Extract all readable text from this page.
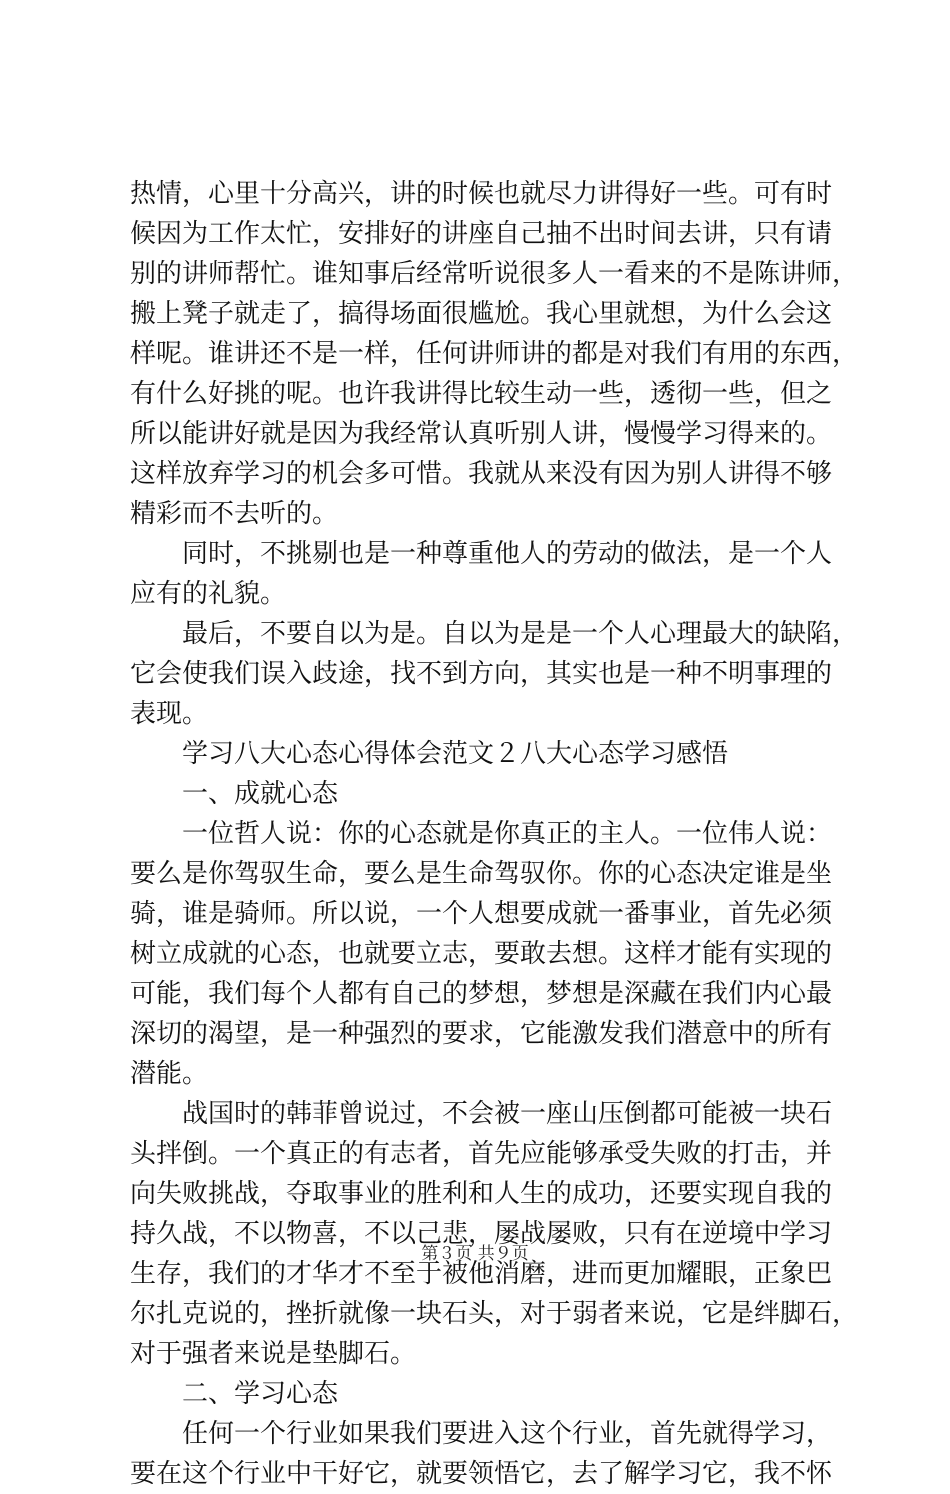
热情，心里十分高兴，讲的时候也就尽力讲得好一些。可有时
候因为工作太忙，安排好的讲座自己抽不出时间去讲，只有请
别的讲师帮忙。谁知事后经常听说很多人一看来的不是陈讲师，
搬上凳子就走了，搞得场面很尴尬。我心里就想，为什么会这
样呢。谁讲还不是一样，任何讲师讲的都是对我们有用的东西，
有什么好挑的呢。也许我讲得比较生动一些，透彻一些，但之
所以能讲好就是因为我经常认真听别人讲，慢慢学习得来的。
这样放弃学习的机会多可惜。我就从来没有因为别人讲得不够
精彩而不去听的。
同时，不挑剔也是一种尊重他人的劳动的做法，是一个人
应有的礼貌。
最后，不要自以为是。自以为是是一个人心理最大的缺陷，
它会使我们误入歧途，找不到方向，其实也是一种不明事理的
表现。
学习八大心态心得体会范文２八大心态学习感悟
一、成就心态
一位哲人说：你的心态就是你真正的主人。一位伟人说：
要么是你驾驭生命，要么是生命驾驭你。你的心态决定谁是坐
骑，谁是骑师。所以说，一个人想要成就一番事业，首先必须
树立成就的心态，也就要立志，要敢去想。这样才能有实现的
可能，我们每个人都有自己的梦想，梦想是深藏在我们内心最
深切的渴望，是一种强烈的要求，它能激发我们潜意中的所有
潜能。
战国时的韩菲曾说过，不会被一座山压倒都可能被一块石
头拌倒。一个真正的有志者，首先应能够承受失败的打击，并
向失败挑战，夺取事业的胜利和人生的成功，还要实现自我的
持久战，不以物喜，不以己悲，屡战屡败，只有在逆境中学习
生存，我们的才华才不至于被他消磨，进而更加耀眼，正象巴
尔扎克说的，挫折就像一块石头，对于弱者来说，它是绊脚石，
对于强者来说是垫脚石。
二、学习心态
任何一个行业如果我们要进入这个行业，首先就得学习，
要在这个行业中干好它，就要领悟它，去了解学习它，我不怀
第３页 共９页
